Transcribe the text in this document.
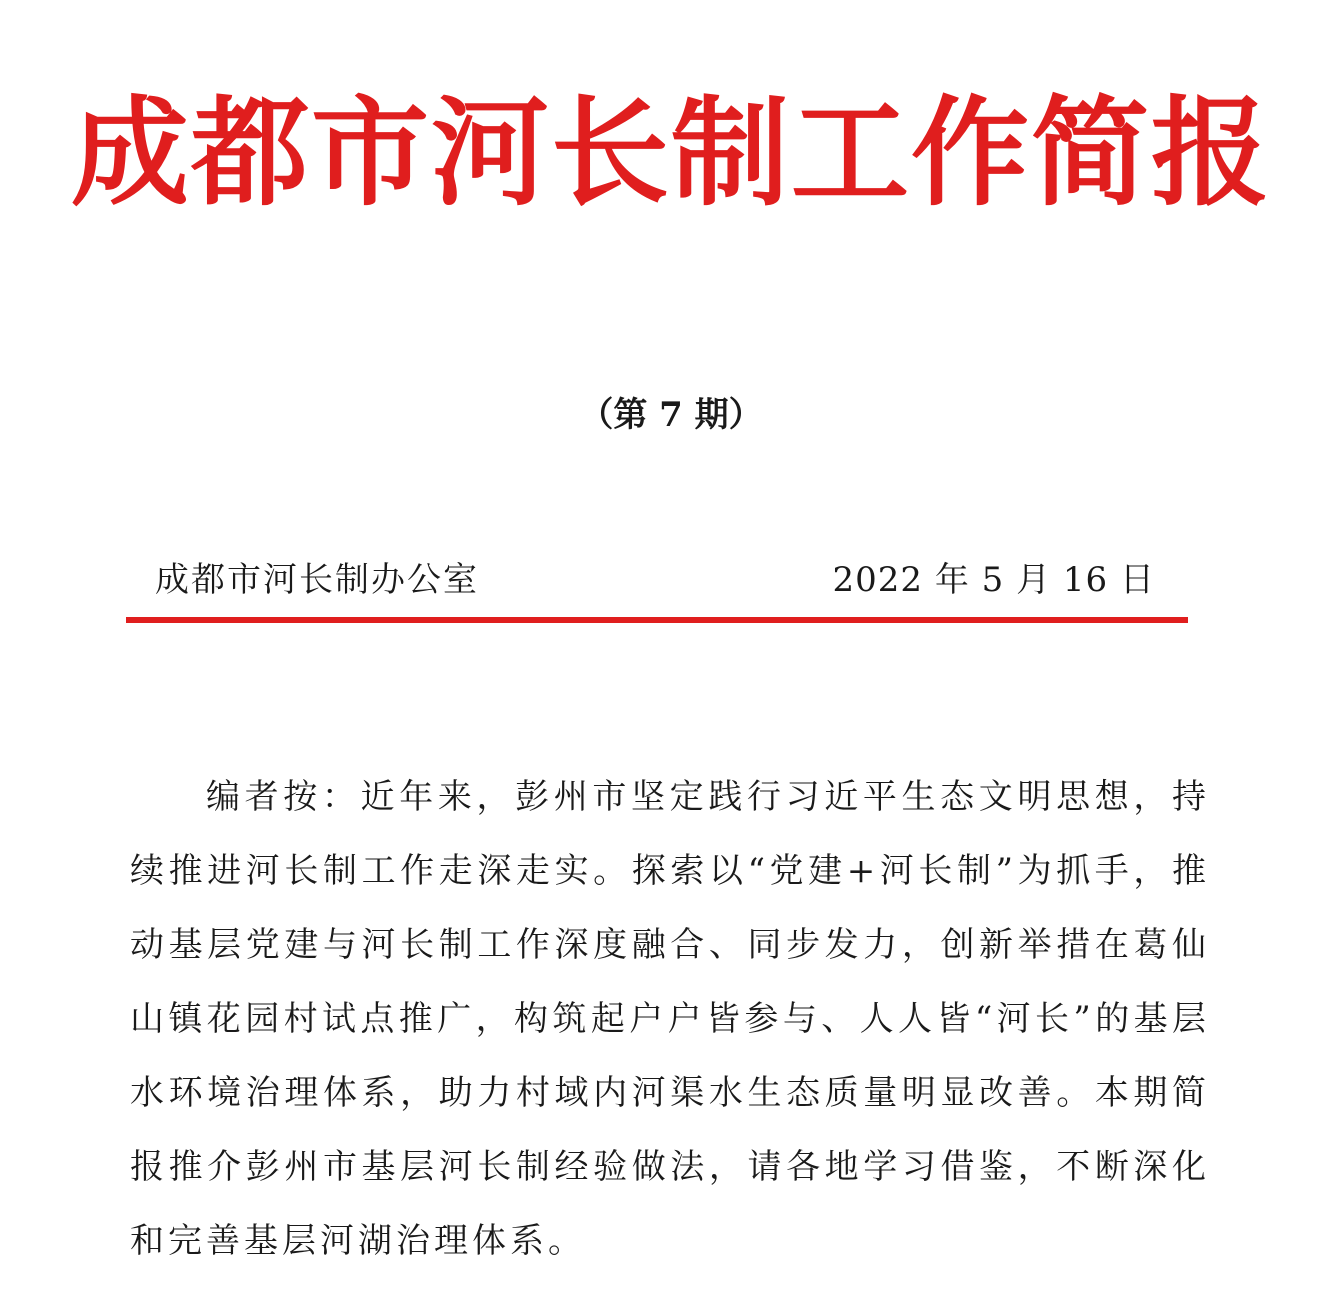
成都市河长制工作简报
（第 7 期）
成都市河长制办公室	2022 年 5 月 16 日

编者按：近年来，彭州市坚定践行习近平生态文明思想，持续推进河长制工作走深走实。探索以“党建+河长制”为抓手，推动基层党建与河长制工作深度融合、同步发力，创新举措在葛仙山镇花园村试点推广，构筑起户户皆参与、人人皆“河长”的基层水环境治理体系，助力村域内河渠水生态质量明显改善。本期简报推介彭州市基层河长制经验做法，请各地学习借鉴，不断深化和完善基层河湖治理体系。
